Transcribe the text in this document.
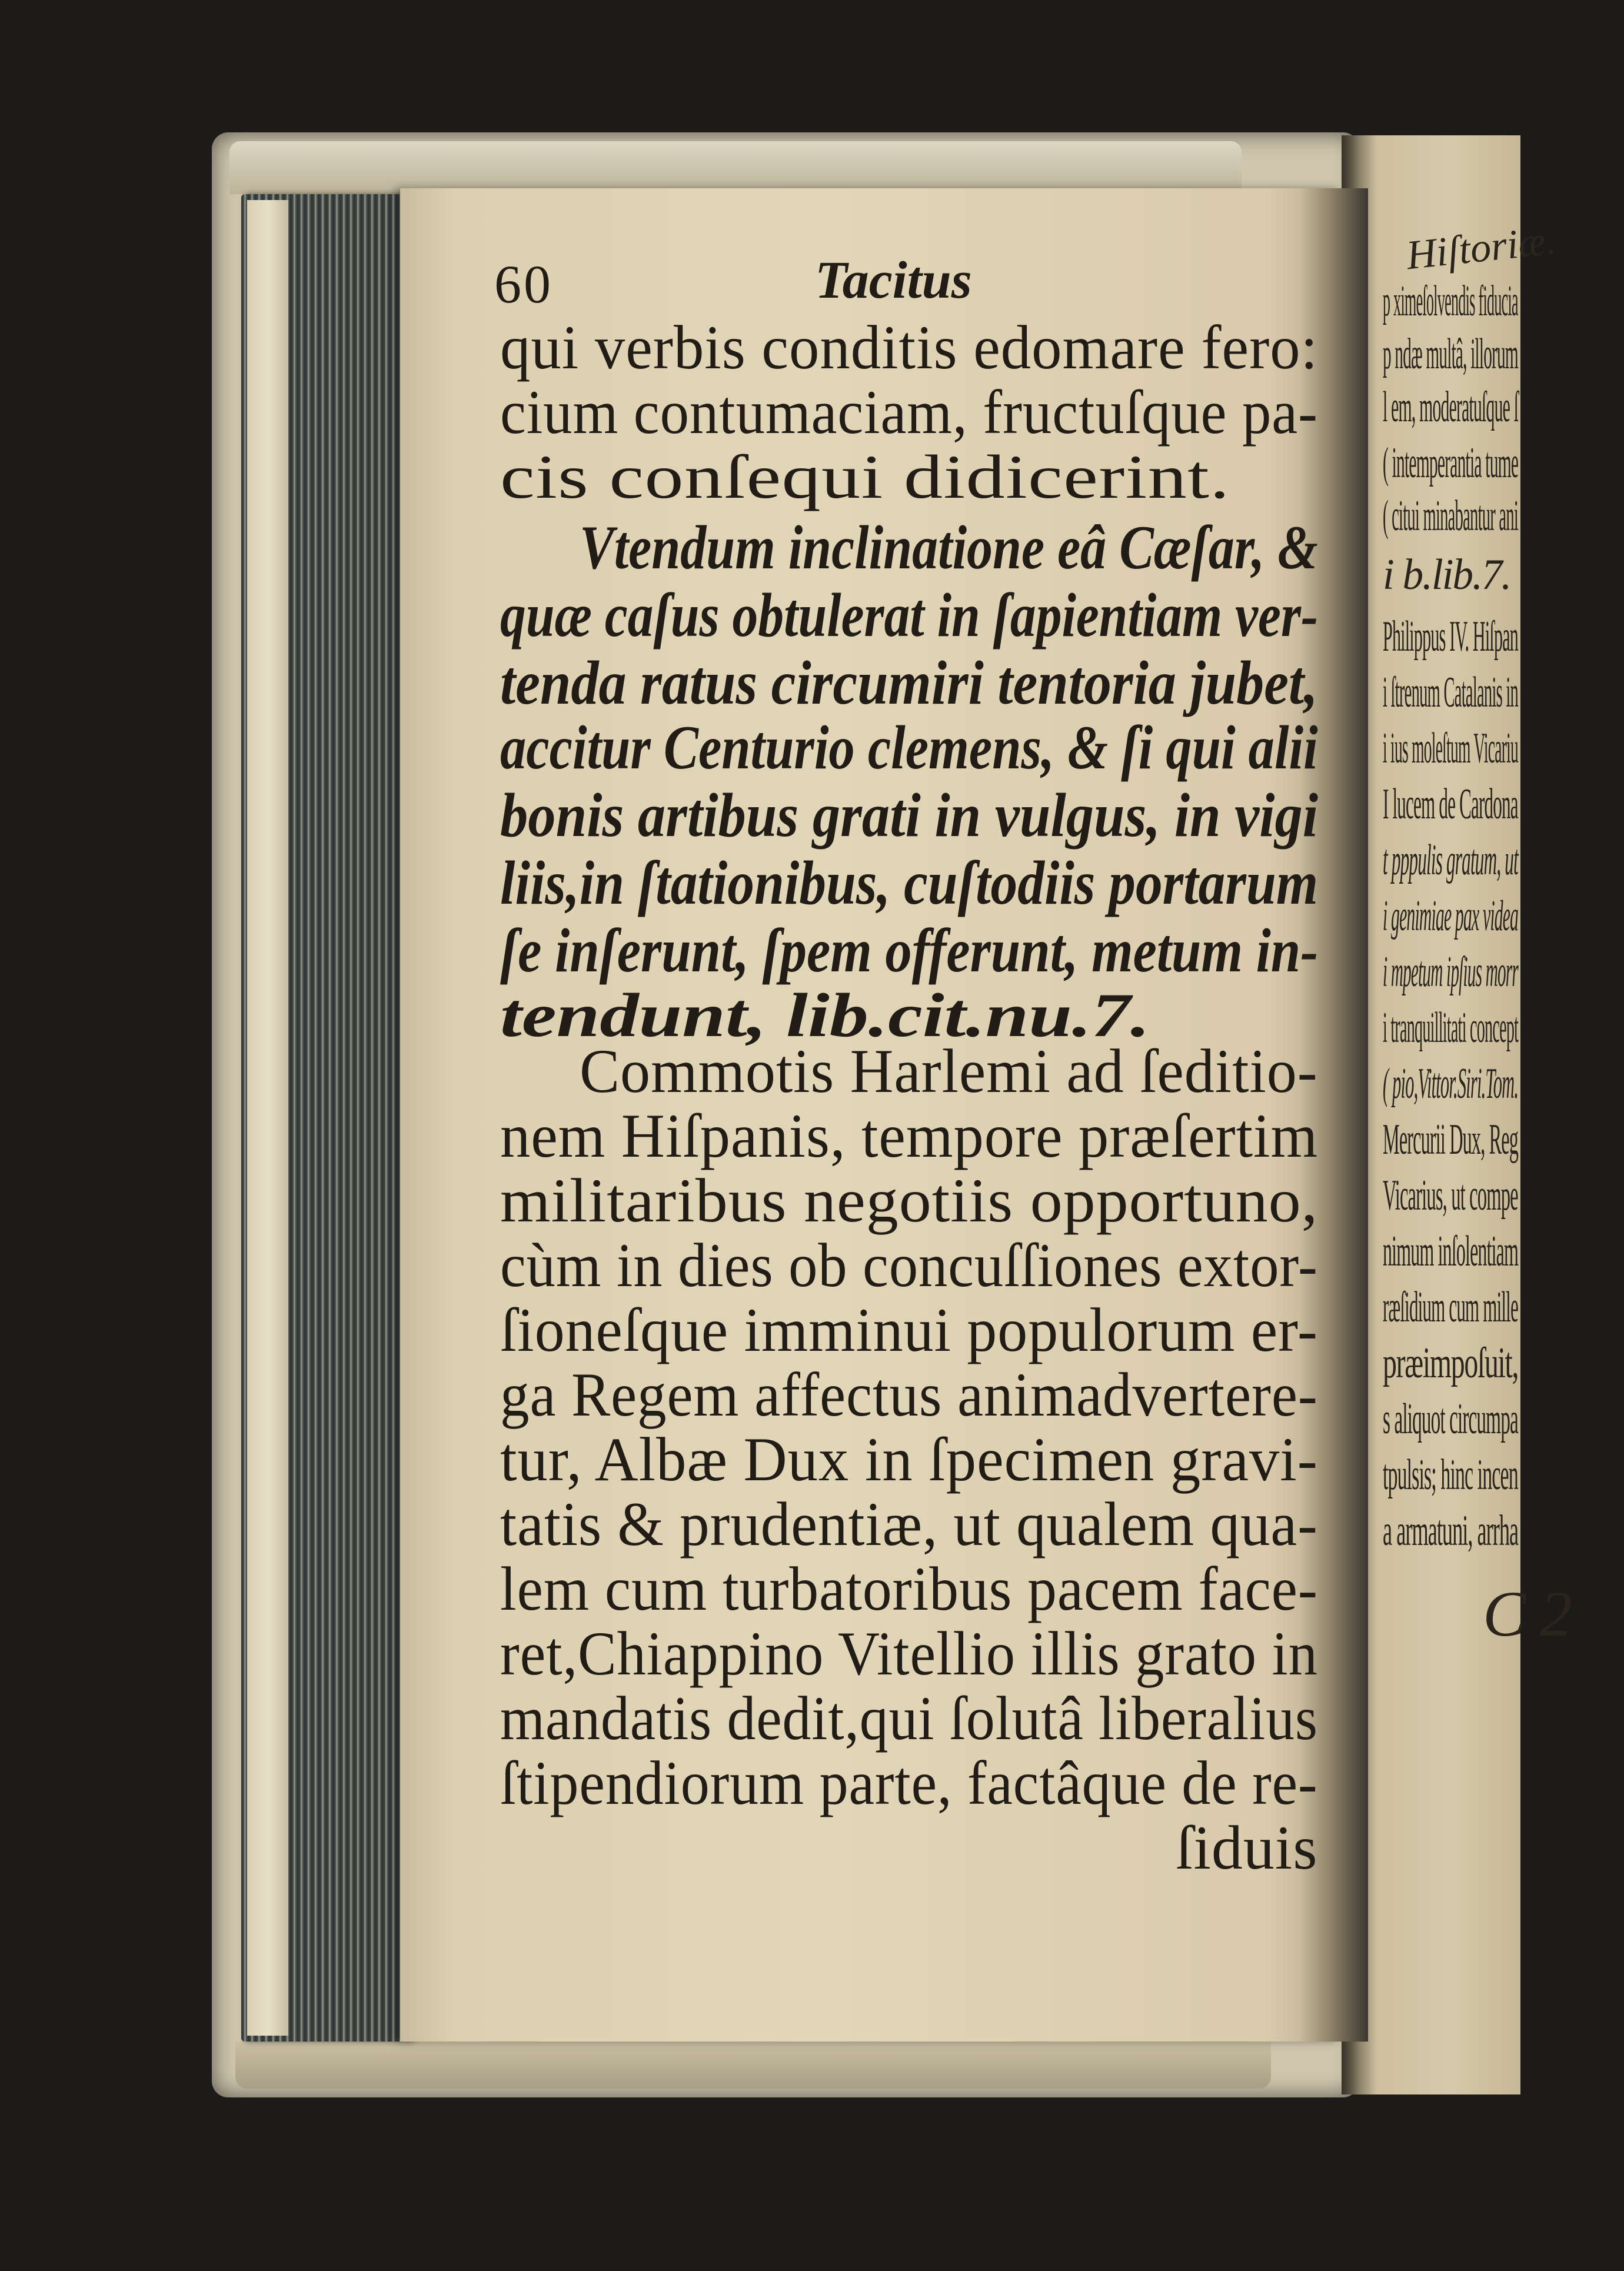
Hiſtoriæ.
p ximeſolvendis fiducia
p ndæ multâ, illorum
l em, moderatuſque ſ
( intemperantia tume
( citui minabantur ani
i b.lib.7.
Philippus IV. Hiſpan
i ſtrenum Catalanis in
i ius moleſtum Vicariu
I lucem de Cardona
t pppulis gratum, ut
i genimiae pax videa
i mpetum ipſius morr
i tranquillitati concept
( pio,Vittor.Siri.Tom.
Mercurii Dux, Reg
Vicarius, ut compe
nimum inſolentiam
ræſidium cum mille
præimpoſuit,
s aliquot circumpa
tpulsis; hinc incen
a armatuni, arrha
C 2
60	Tacitus
qui verbis conditis edomare fero:
cium contumaciam, fructuſque pa-
cis conſequi didicerint.
Vtendum inclinatione eâ Cæſar, &
quæ caſus obtulerat in ſapientiam ver-
tenda ratus circumiri tentoria jubet,
accitur Centurio clemens, & ſi qui alii
bonis artibus grati in vulgus, in vigi
liis,in ſtationibus, cuſtodiis portarum
ſe inſerunt, ſpem offerunt, metum in-
tendunt, lib.cit.nu.7.
Commotis Harlemi ad ſeditio-
nem Hiſpanis, tempore præſertim
militaribus negotiis opportuno,
cùm in dies ob concuſſiones extor-
ſioneſque imminui populorum er-
ga Regem affectus animadvertere-
tur, Albæ Dux in ſpecimen gravi-
tatis & prudentiæ, ut qualem qua-
lem cum turbatoribus pacem face-
ret,Chiappino Vitellio illis grato in
mandatis dedit,qui ſolutâ liberalius
ſtipendiorum parte, factâque de re-
ſiduis
